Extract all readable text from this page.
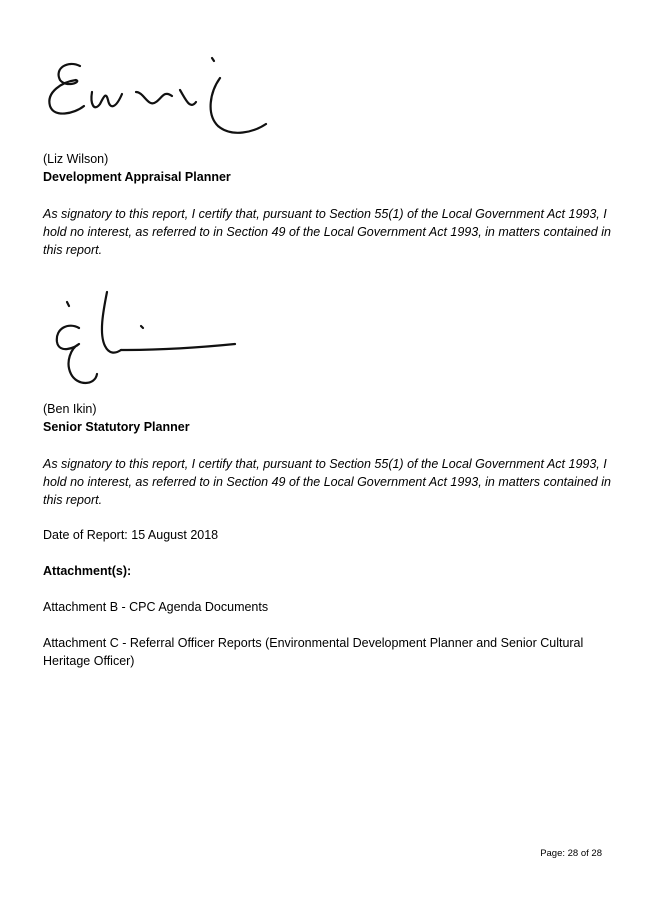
(Liz Wilson)
Development Appraisal Planner
As signatory to this report, I certify that, pursuant to Section 55(1) of the Local Government Act 1993, I hold no interest, as referred to in Section 49 of the Local Government Act 1993, in matters contained in this report.
(Ben Ikin)
Senior Statutory Planner
As signatory to this report, I certify that, pursuant to Section 55(1) of the Local Government Act 1993, I hold no interest, as referred to in Section 49 of the Local Government Act 1993, in matters contained in this report.
Date of Report: 15 August 2018
Attachment(s):
Attachment B - CPC Agenda Documents
Attachment C - Referral Officer Reports (Environmental Development Planner and Senior Cultural Heritage Officer)
Page: 28 of 28
